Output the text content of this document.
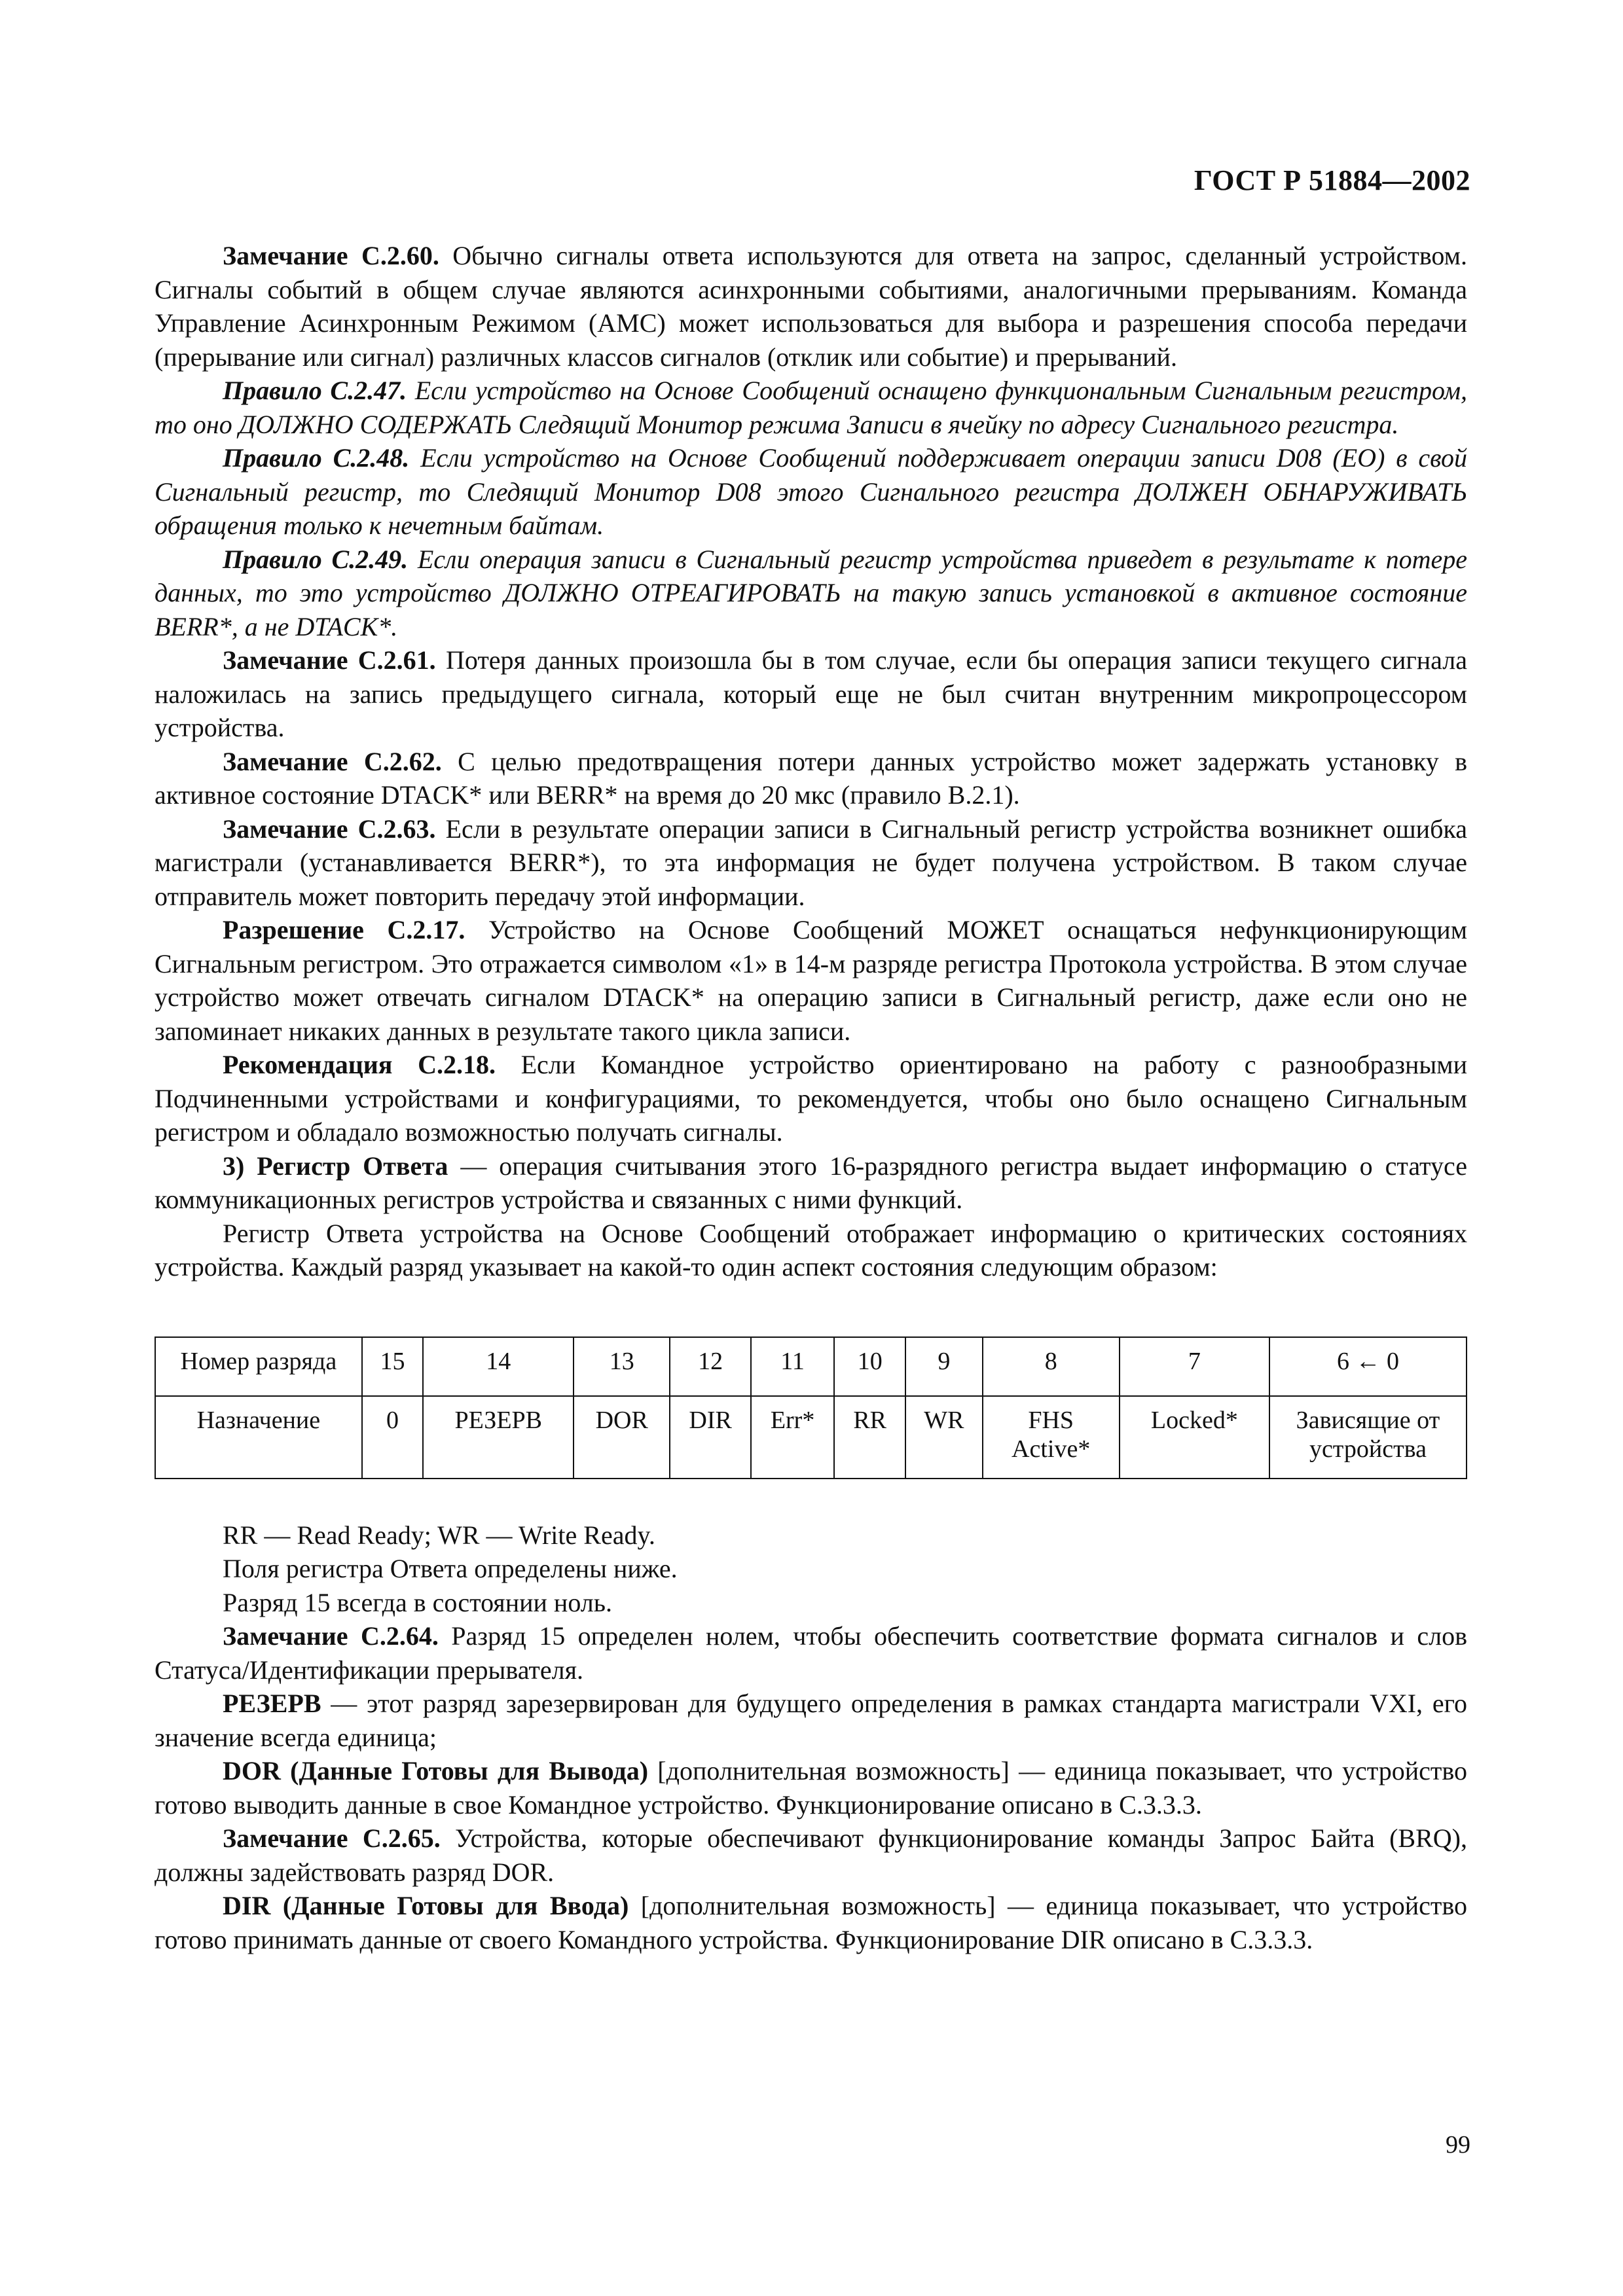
ГОСТ Р 51884—2002

Замечание С.2.60. Обычно сигналы ответа используются для ответа на запрос, сделанный устройством. Сигналы событий в общем случае являются асинхронными событиями, аналогичными прерываниям. Команда Управление Асинхронным Режимом (AMC) может использоваться для выбора и разрешения способа передачи (прерывание или сигнал) различных классов сигналов (отклик или событие) и прерываний.

Правило С.2.47. Если устройство на Основе Сообщений оснащено функциональным Сигнальным регистром, то оно ДОЛЖНО СОДЕРЖАТЬ Следящий Монитор режима Записи в ячейку по адресу Сигнального регистра.

Правило С.2.48. Если устройство на Основе Сообщений поддерживает операции записи D08 (EO) в свой Сигнальный регистр, то Следящий Монитор D08 этого Сигнального регистра ДОЛЖЕН ОБНАРУЖИВАТЬ обращения только к нечетным байтам.

Правило С.2.49. Если операция записи в Сигнальный регистр устройства приведет в результате к потере данных, то это устройство ДОЛЖНО ОТРЕАГИРОВАТЬ на такую запись установкой в активное состояние BERR*, а не DTACK*.

Замечание С.2.61. Потеря данных произошла бы в том случае, если бы операция записи текущего сигнала наложилась на запись предыдущего сигнала, который еще не был считан внутренним микропроцессором устройства.

Замечание С.2.62. С целью предотвращения потери данных устройство может задержать установку в активное состояние DTACK* или BERR* на время до 20 мкс (правило В.2.1).

Замечание С.2.63. Если в результате операции записи в Сигнальный регистр устройства возникнет ошибка магистрали (устанавливается BERR*), то эта информация не будет получена устройством. В таком случае отправитель может повторить передачу этой информации.

Разрешение С.2.17. Устройство на Основе Сообщений МОЖЕТ оснащаться нефункционирующим Сигнальным регистром. Это отражается символом «1» в 14-м разряде регистра Протокола устройства. В этом случае устройство может отвечать сигналом DTACK* на операцию записи в Сигнальный регистр, даже если оно не запоминает никаких данных в результате такого цикла записи.

Рекомендация С.2.18. Если Командное устройство ориентировано на работу с разнообразными Подчиненными устройствами и конфигурациями, то рекомендуется, чтобы оно было оснащено Сигнальным регистром и обладало возможностью получать сигналы.

3) Регистр Ответа — операция считывания этого 16-разрядного регистра выдает информацию о статусе коммуникационных регистров устройства и связанных с ними функций.

Регистр Ответа устройства на Основе Сообщений отображает информацию о критических состояниях устройства. Каждый разряд указывает на какой-то один аспект состояния следующим образом:

Номер разряда	15	14	13	12	11	10	9	8	7	6 ← 0
Назначение	0	РЕЗЕРВ	DOR	DIR	Err*	RR	WR	FHS Active*	Locked*	Зависящие от устройства

RR — Read Ready; WR — Write Ready.

Поля регистра Ответа определены ниже.

Разряд 15 всегда в состоянии ноль.

Замечание С.2.64. Разряд 15 определен нолем, чтобы обеспечить соответствие формата сигналов и слов Статуса/Идентификации прерывателя.

РЕЗЕРВ — этот разряд зарезервирован для будущего определения в рамках стандарта магистрали VXI, его значение всегда единица;

DOR (Данные Готовы для Вывода) [дополнительная возможность] — единица показывает, что устройство готово выводить данные в свое Командное устройство. Функционирование описано в С.3.3.3.

Замечание С.2.65. Устройства, которые обеспечивают функционирование команды Запрос Байта (BRQ), должны задействовать разряд DOR.

DIR (Данные Готовы для Ввода) [дополнительная возможность] — единица показывает, что устройство готово принимать данные от своего Командного устройства. Функционирование DIR описано в С.3.3.3.

99
